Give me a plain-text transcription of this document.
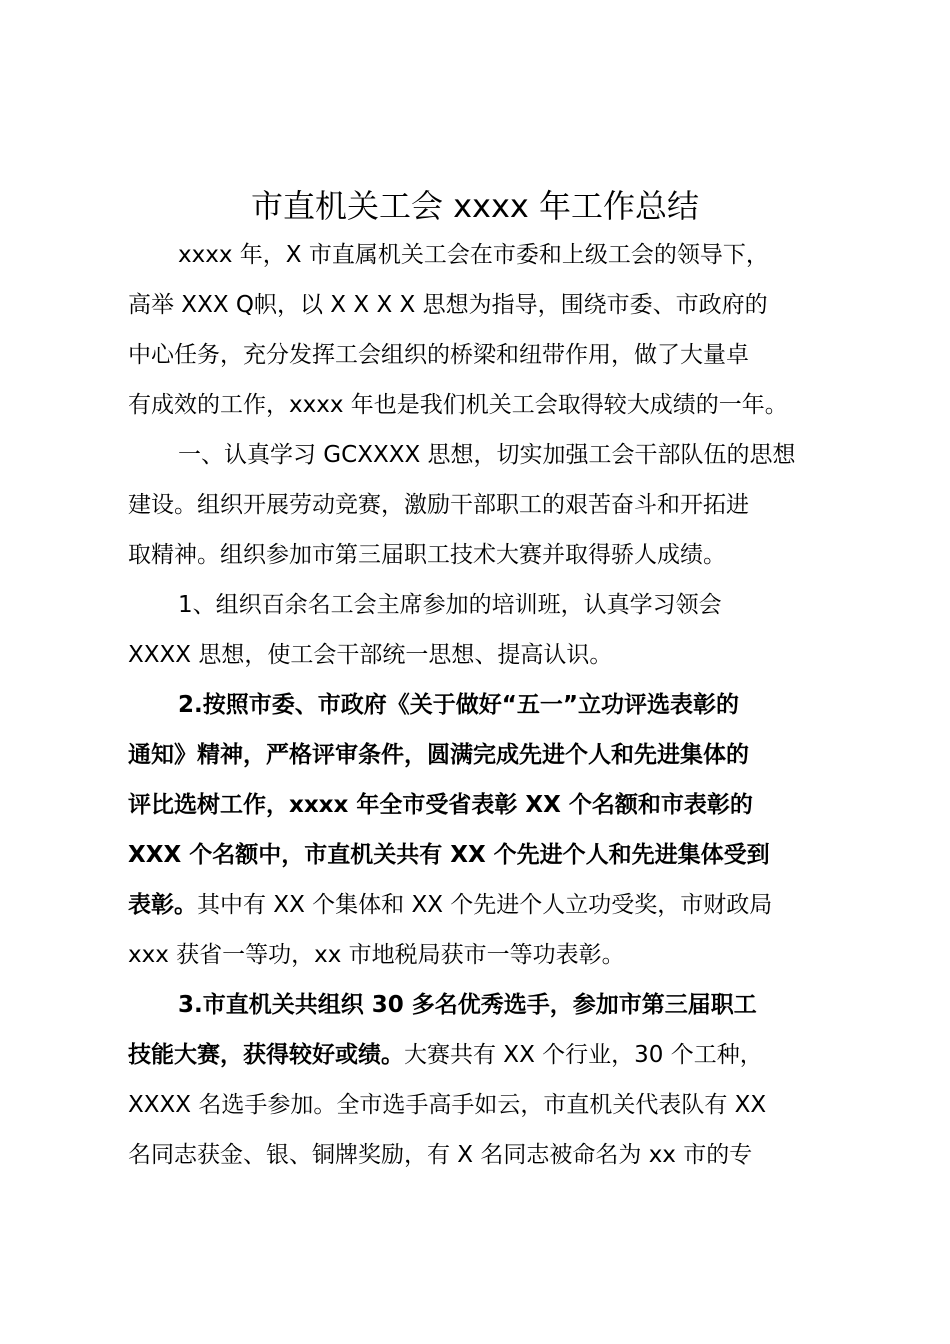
市直机关工会 xxxx 年工作总结
xxxx 年，X 市直属机关工会在市委和上级工会的领导下，
高举 XXX Q帜，以 X X X X 思想为指导，围绕市委、市政府的
中心任务，充分发挥工会组织的桥梁和纽带作用，做了大量卓
有成效的工作，xxxx 年也是我们机关工会取得较大成绩的一年。
一、认真学习 GCXXXX 思想，切实加强工会干部队伍的思想
建设。组织开展劳动竞赛，激励干部职工的艰苦奋斗和开拓进
取精神。组织参加市第三届职工技术大赛并取得骄人成绩。
1、组织百余名工会主席参加的培训班，认真学习领会
XXXX 思想，使工会干部统一思想、提高认识。
2.按照市委、市政府《关于做好“五一”立功评选表彰的
通知》精神，严格评审条件，圆满完成先进个人和先进集体的
评比选树工作，xxxx 年全市受省表彰 XX 个名额和市表彰的
XXX 个名额中，市直机关共有 XX 个先进个人和先进集体受到
表彰。其中有 XX 个集体和 XX 个先进个人立功受奖，市财政局
xxx 获省一等功，xx 市地税局获市一等功表彰。
3.市直机关共组织 30 多名优秀选手，参加市第三届职工
技能大赛，获得较好或绩。大赛共有 XX 个行业，30 个工种，
XXXX 名选手参加。全市选手高手如云，市直机关代表队有 XX
名同志获金、银、铜牌奖励，有 X 名同志被命名为 xx 市的专
